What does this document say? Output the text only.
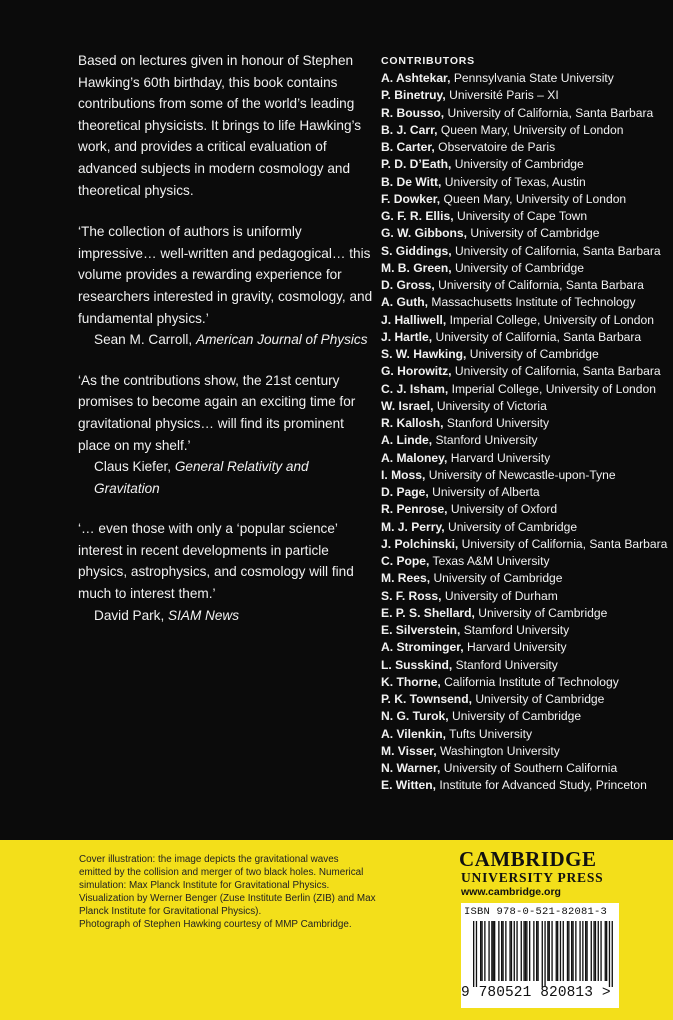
Based on lectures given in honour of Stephen Hawking’s 60th birthday, this book contains contributions from some of the world’s leading theoretical physicists. It brings to life Hawking’s work, and provides a critical evaluation of advanced subjects in modern cosmology and theoretical physics.

‘The collection of authors is uniformly impressive… well-written and pedagogical… this volume provides a rewarding experience for researchers interested in gravity, cosmology, and fundamental physics.’

Sean M. Carroll, American Journal of Physics

‘As the contributions show, the 21st century promises to become again an exciting time for gravitational physics… will find its prominent place on my shelf.’

Claus Kiefer, General Relativity and Gravitation

‘… even those with only a ‘popular science’ interest in recent developments in particle physics, astrophysics, and cosmology will find much to interest them.’

David Park, SIAM News

CONTRIBUTORS
A. Ashtekar, Pennsylvania State University
P. Binetruy, Université Paris – XI
R. Bousso, University of California, Santa Barbara
B. J. Carr, Queen Mary, University of London
B. Carter, Observatoire de Paris
P. D. D’Eath, University of Cambridge
B. De Witt, University of Texas, Austin
F. Dowker, Queen Mary, University of London
G. F. R. Ellis, University of Cape Town
G. W. Gibbons, University of Cambridge
S. Giddings, University of California, Santa Barbara
M. B. Green, University of Cambridge
D. Gross, University of California, Santa Barbara
A. Guth, Massachusetts Institute of Technology
J. Halliwell, Imperial College, University of London
J. Hartle, University of California, Santa Barbara
S. W. Hawking, University of Cambridge
G. Horowitz, University of California, Santa Barbara
C. J. Isham, Imperial College, University of London
W. Israel, University of Victoria
R. Kallosh, Stanford University
A. Linde, Stanford University
A. Maloney, Harvard University
I. Moss, University of Newcastle-upon-Tyne
D. Page, University of Alberta
R. Penrose, University of Oxford
M. J. Perry, University of Cambridge
J. Polchinski, University of California, Santa Barbara
C. Pope, Texas A&M University
M. Rees, University of Cambridge
S. F. Ross, University of Durham
E. P. S. Shellard, University of Cambridge
E. Silverstein, Stamford University
A. Strominger, Harvard University
L. Susskind, Stanford University
K. Thorne, California Institute of Technology
P. K. Townsend, University of Cambridge
N. G. Turok, University of Cambridge
A. Vilenkin, Tufts University
M. Visser, Washington University
N. Warner, University of Southern California
E. Witten, Institute for Advanced Study, Princeton
Cover illustration: the image depicts the gravitational waves
emitted by the collision and merger of two black holes. Numerical
simulation: Max Planck Institute for Gravitational Physics.
Visualization by Werner Benger (Zuse Institute Berlin (ZIB) and Max
Planck Institute for Gravitational Physics).
Photograph of Stephen Hawking courtesy of MMP Cambridge.
CAMBRIDGE
UNIVERSITY PRESS
www.cambridge.org
ISBN 978-0-521-82081-3
9 780521 820813 >
